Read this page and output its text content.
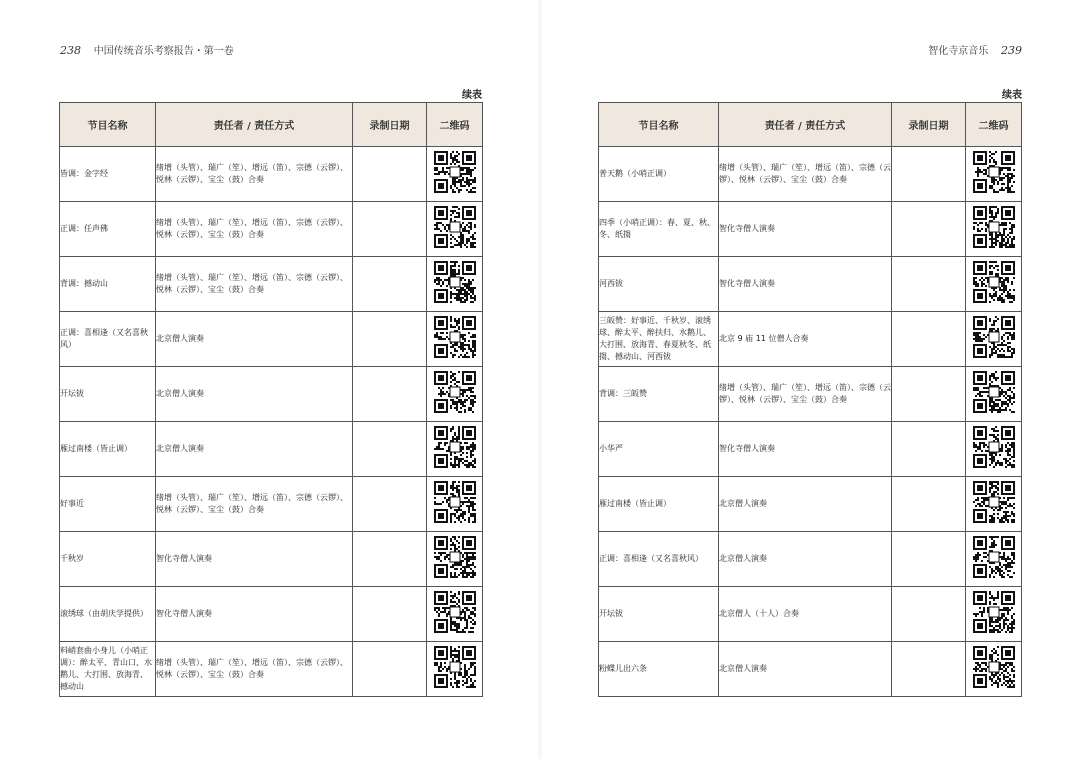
238 中国传统音乐考察报告・第一卷
续表
节目名称	责任者 / 责任方式	录制日期	二维码
皆调：金字经	绪增（头管）、瑞广（笙）、增远（笛）、宗德（云锣）、悦林（云锣）、宝尘（鼓）合奏		
正调：任声佛	绪增（头管）、瑞广（笙）、增远（笛）、宗德（云锣）、悦林（云锣）、宝尘（鼓）合奏		
背调：撼动山	绪增（头管）、瑞广（笙）、增远（笛）、宗德（云锣）、悦林（云锣）、宝尘（鼓）合奏		
正调：喜相逢（又名喜秋风）	北京僧人演奏		
开坛钹	北京僧人演奏		
雁过南楼（皆止调）	北京僧人演奏		
好事近	绪增（头管）、瑞广（笙）、增远（笛）、宗德（云锣）、悦林（云锣）、宝尘（鼓）合奏		
千秋岁	智化寺僧人演奏		
滚绣球（由胡庆学提供）	智化寺僧人演奏		
料峭套曲小身儿（小哨正调）：醉太平、青山口、水鹅儿、大打围、放海青、撼动山	绪增（头管）、瑞广（笙）、增远（笛）、宗德（云锣）、悦林（云锣）、宝尘（鼓）合奏		
智化寺京音乐 239
续表
节目名称	责任者 / 责任方式	录制日期	二维码
普天鹅（小哨正调）	绪增（头管）、瑞广（笙）、增远（笛）、宗德（云锣）、悦林（云锣）、宝尘（鼓）合奏		
四季（小哨正调）：春、夏、秋、冬、纸搊	智化寺僧人演奏		
河西钹	智化寺僧人演奏		
三皈赞：好事近、千秋岁、滚绣球、醉太平、醉扶归、水鹅儿、大打围、放海青、春夏秋冬、纸搊、撼动山、河西钹	北京 9 庙 11 位僧人合奏		
背调：三皈赞	绪增（头管）、瑞广（笙）、增远（笛）、宗德（云锣）、悦林（云锣）、宝尘（鼓）合奏		
小华严	智化寺僧人演奏		
雁过南楼（皆止调）	北京僧人演奏		
正调：喜相逢（又名喜秋风）	北京僧人演奏		
开坛钹	北京僧人（十人）合奏		
粉蝶儿出六条	北京僧人演奏		
